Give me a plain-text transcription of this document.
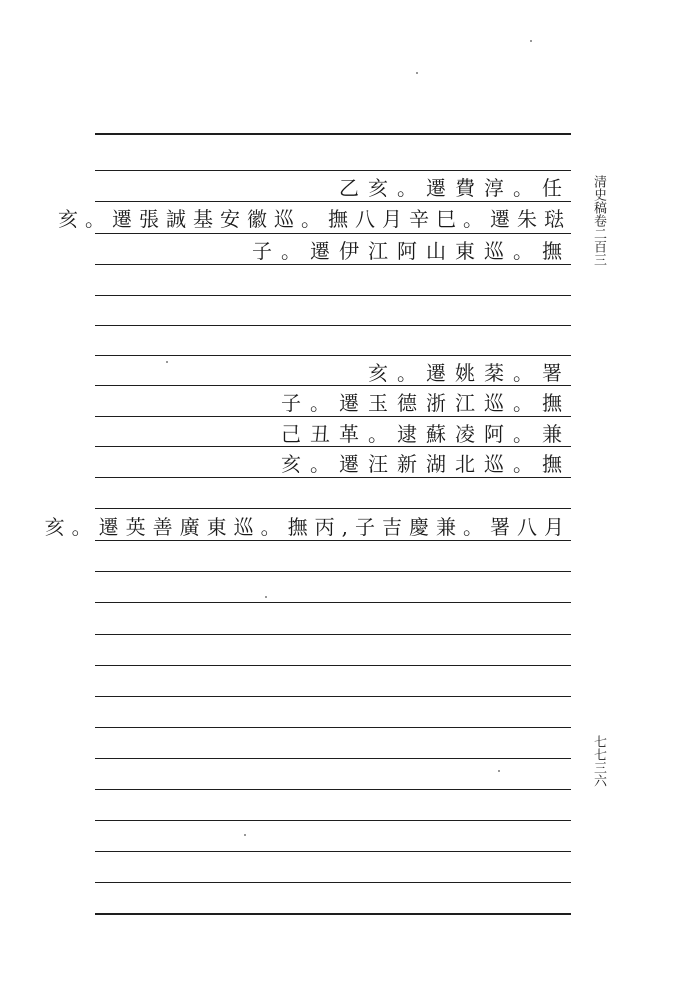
任。淳費遷。亥乙
琺朱遷。巳辛月八撫。巡徽安基誠張遷。亥
撫。巡東山阿江伊遷。子
署。棻姚遷。亥
撫。巡江浙德玉遷。子
兼。阿凌蘇逮。革丑己
撫。巡北湖新汪遷。亥
月八署。兼慶吉子,丙撫。巡東廣善英遷。亥
清史稿卷二百三
七七三六
